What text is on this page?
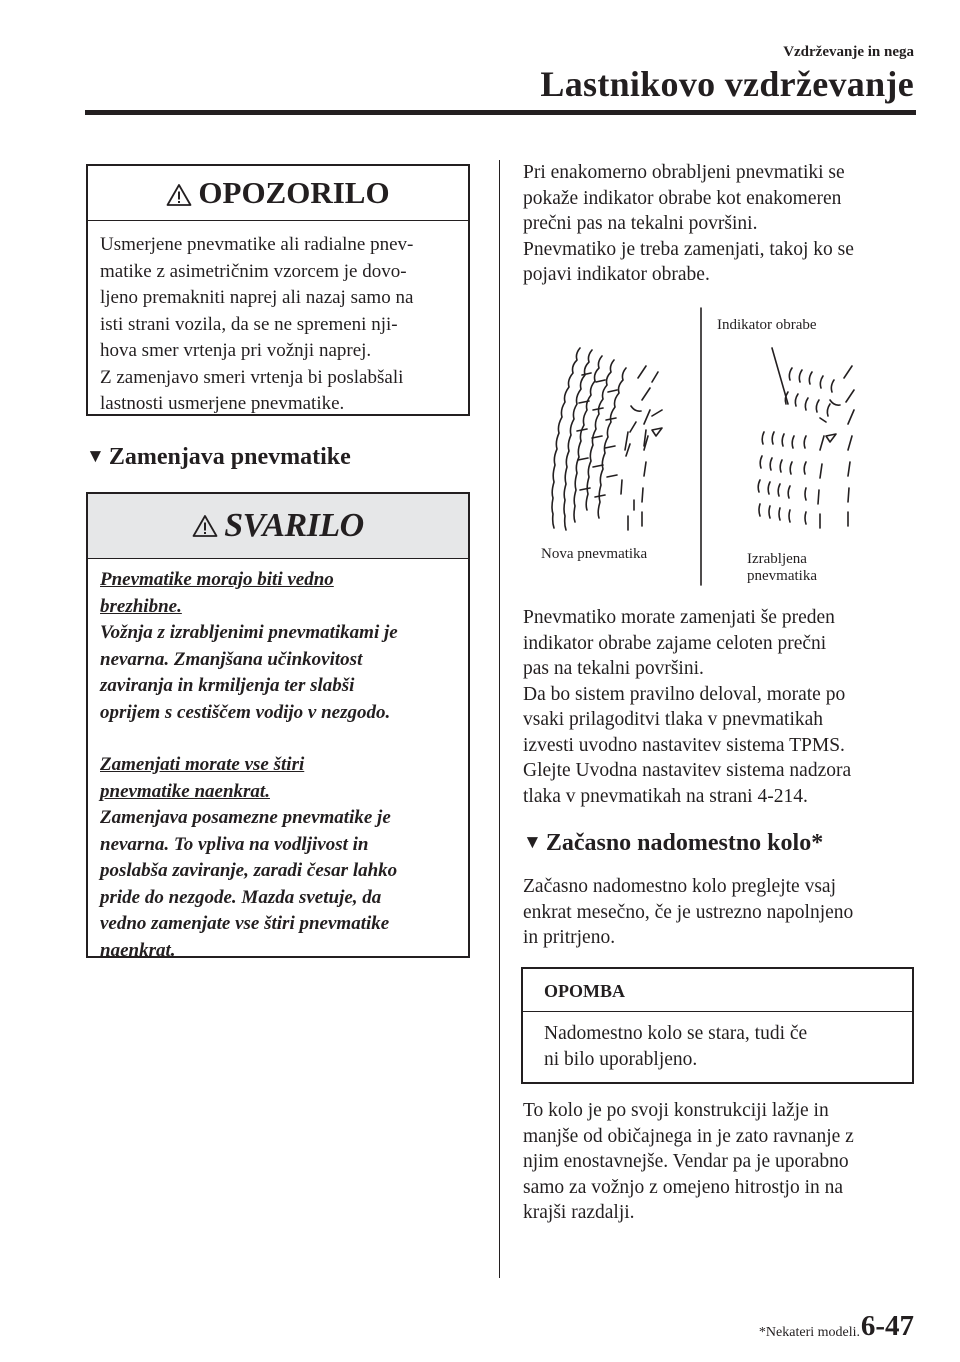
Vzdrževanje in nega
Lastnikovo vzdrževanje
OPOZORILO
Usmerjene pnevmatike ali radialne pnev-
matike z asimetričnim vzorcem je dovo-
ljeno premakniti naprej ali nazaj samo na
isti strani vozila, da se ne spremeni nji-
hova smer vrtenja pri vožnji naprej.
Z zamenjavo smeri vrtenja bi poslabšali
lastnosti usmerjene pnevmatike.
▼ Zamenjava pnevmatike
SVARILO
Pnevmatike morajo biti vedno
brezhibne.
Vožnja z izrabljenimi pnevmatikami je
nevarna. Zmanjšana učinkovitost
zaviranja in krmiljenja ter slabši
oprijem s cestiščem vodijo v nezgodo.
Zamenjati morate vse štiri
pnevmatike naenkrat.
Zamenjava posamezne pnevmatike je
nevarna. To vpliva na vodljivost in
poslabša zaviranje, zaradi česar lahko
pride do nezgode. Mazda svetuje, da
vedno zamenjate vse štiri pnevmatike
naenkrat.
Pri enakomerno obrabljeni pnevmatiki se
pokaže indikator obrabe kot enakomeren
prečni pas na tekalni površini.
Pnevmatiko je treba zamenjati, takoj ko se
pojavi indikator obrabe.
Indikator obrabe
Nova pnevmatika	Izrabljena
pnevmatika
Pnevmatiko morate zamenjati še preden
indikator obrabe zajame celoten prečni
pas na tekalni površini.
Da bo sistem pravilno deloval, morate po
vsaki prilagoditvi tlaka v pnevmatikah
izvesti uvodno nastavitev sistema TPMS.
Glejte Uvodna nastavitev sistema nadzora
tlaka v pnevmatikah na strani 4-214.
▼ Začasno nadomestno kolo*
Začasno nadomestno kolo preglejte vsaj
enkrat mesečno, če je ustrezno napolnjeno
in pritrjeno.
OPOMBA
Nadomestno kolo se stara, tudi če
ni bilo uporabljeno.
To kolo je po svoji konstrukciji lažje in
manjše od običajnega in je zato ravnanje z
njim enostavnejše. Vendar pa je uporabno
samo za vožnjo z omejeno hitrostjo in na
krajši razdalji.
*Nekateri modeli. 6-47
